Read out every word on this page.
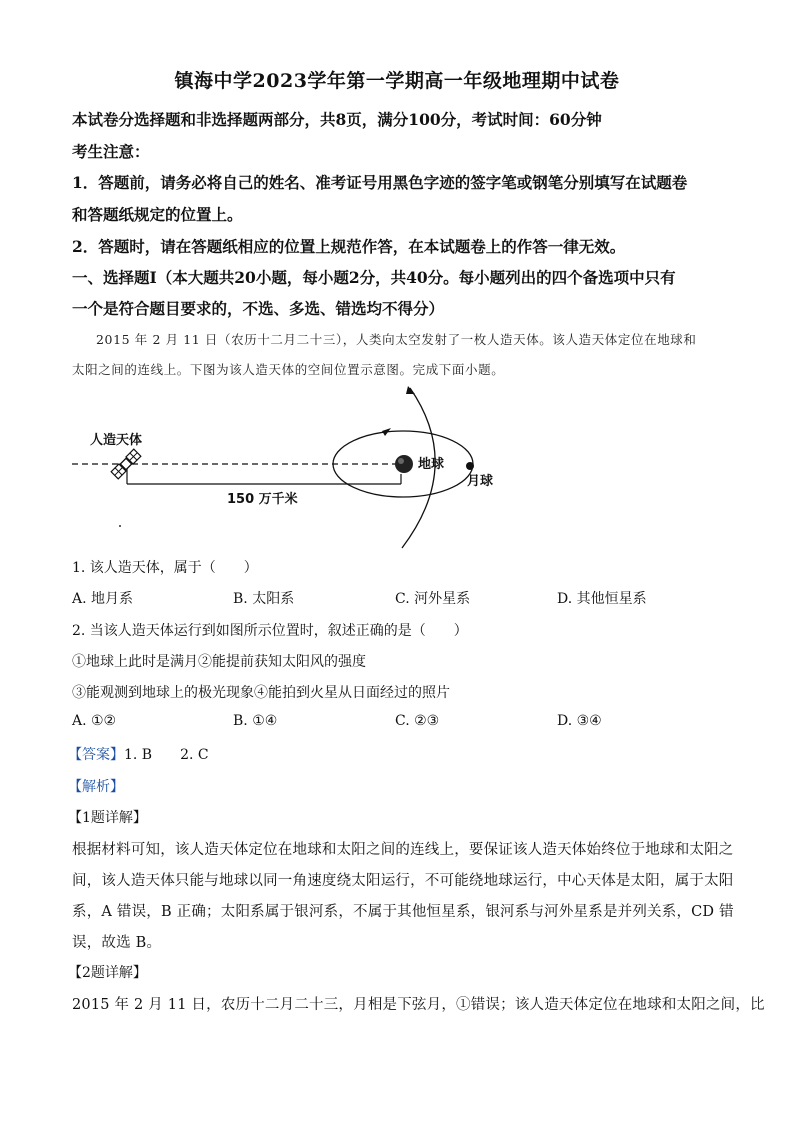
镇海中学2023学年第一学期高一年级地理期中试卷
本试卷分选择题和非选择题两部分，共8页，满分100分，考试时间：60分钟
考生注意：
1．答题前，请务必将自己的姓名、准考证号用黑色字迹的签字笔或钢笔分别填写在试题卷
和答题纸规定的位置上。
2．答题时，请在答题纸相应的位置上规范作答，在本试题卷上的作答一律无效。
一、选择题Ⅰ（本大题共20小题，每小题2分，共40分。每小题列出的四个备选项中只有
一个是符合题目要求的，不选、多选、错选均不得分）
2015 年 2 月 11 日（农历十二月二十三），人类向太空发射了一枚人造天体。该人造天体定位在地球和
太阳之间的连线上。下图为该人造天体的空间位置示意图。完成下面小题。
人造天体
地球
月球
150 万千米
1. 该人造天体，属于（　　）
A. 地月系	B. 太阳系	C. 河外星系	D. 其他恒星系
2. 当该人造天体运行到如图所示位置时，叙述正确的是（　　）
①地球上此时是满月②能提前获知太阳风的强度
③能观测到地球上的极光现象④能拍到火星从日面经过的照片
A. ①②	B. ①④	C. ②③	D. ③④
【答案】1. B　　2. C
【解析】
【1题详解】
根据材料可知，该人造天体定位在地球和太阳之间的连线上，要保证该人造天体始终位于地球和太阳之
间，该人造天体只能与地球以同一角速度绕太阳运行，不可能绕地球运行，中心天体是太阳，属于太阳
系，A 错误，B 正确；太阳系属于银河系，不属于其他恒星系，银河系与河外星系是并列关系，CD 错
误，故选 B。
【2题详解】
2015 年 2 月 11 日，农历十二月二十三，月相是下弦月，①错误；该人造天体定位在地球和太阳之间，比
